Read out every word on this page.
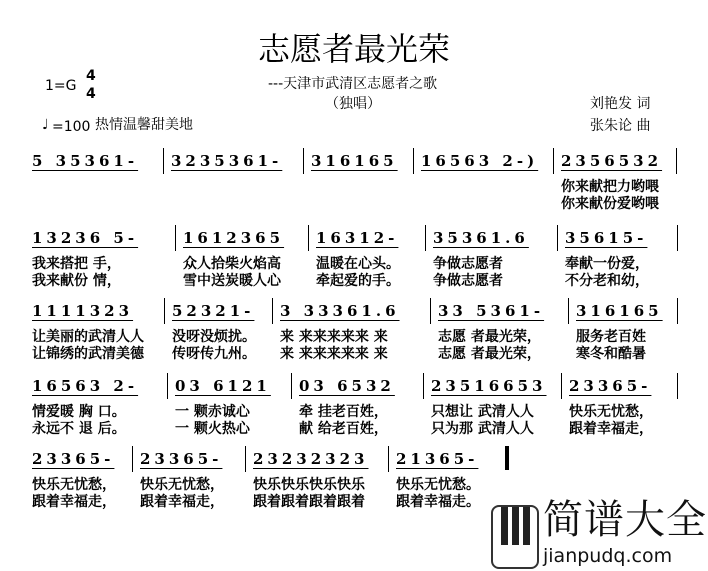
志愿者最光荣
---天津市武清区志愿者之歌
（独唱）
1=G
4
4
♩ =100 热情温馨甜美地
刘艳发 词
张朱论 曲
5 35361- 3235361- 316165 16563 2-) 2356532
你来献把力哟喂
你来献份爱哟喂
13236 5-
我来搭把 手，
我来献份 情，
1612365
众人拾柴火焰高
雪中送炭暖人心
16312-
温暖在心头。
牵起爱的手。
35361.6
争做志愿者
争做志愿者
35615-
奉献一份爱，
不分老和幼，
1111323
让美丽的武清人人
让锦绣的武清美德
52321-
没呀没烦扰。
传呀传九州。
3 33361.6
来 来来来来来 来
来 来来来来来 来
33 5361-
志愿 者最光荣，
志愿 者最光荣，
316165
服务老百姓
寒冬和酷暑
16563 2-
情爱暖 胸 口。
永远不 退 后。
03 6121
一 颗赤诚心
一 颗火热心
03 6532
牵 挂老百姓，
献 给老百姓，
23516653
只想让 武清人人
只为那 武清人人
23365-
快乐无忧愁，
跟着幸福走，
23365-
快乐无忧愁，
跟着幸福走，
23365-
快乐无忧愁，
跟着幸福走，
23232323
快乐快乐快乐快乐
跟着跟着跟着跟着
21365-
快乐无忧愁。
跟着幸福走。 简谱大全
jianpudq.com
